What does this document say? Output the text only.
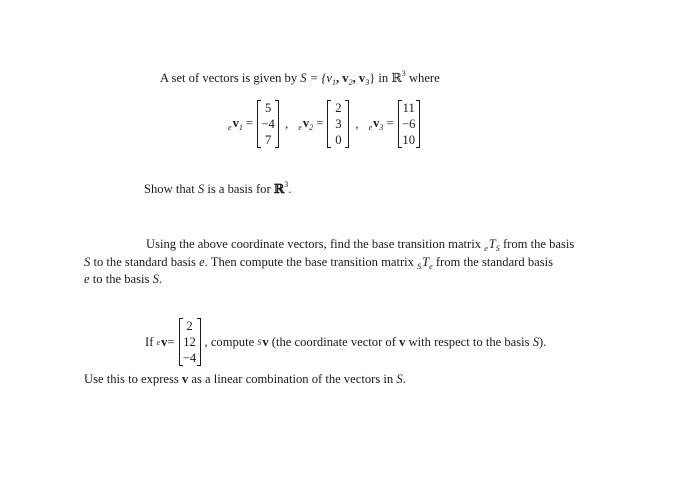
A set of vectors is given by $S = \{v_1$, $v_2$, $v_3$} in ℝ$^3$ where
$_ev_1$ =
5
−4
7
, $_ev_2$ =
2
3
0
, $_ev_3$ =
11
−6
10
Show that S is a basis for ℝ$^3$.
Using the above coordinate vectors, find the base transition matrix $_eT_S$ from the basis
S to the standard basis e. Then compute the base transition matrix $_ST_e$ from the standard basis
e to the basis S.
If
e v =
2
12
−4
, compute
S v
(the coordinate vector of
v
with respect to the basis
S ).
Use this to express v as a linear combination of the vectors in S.
